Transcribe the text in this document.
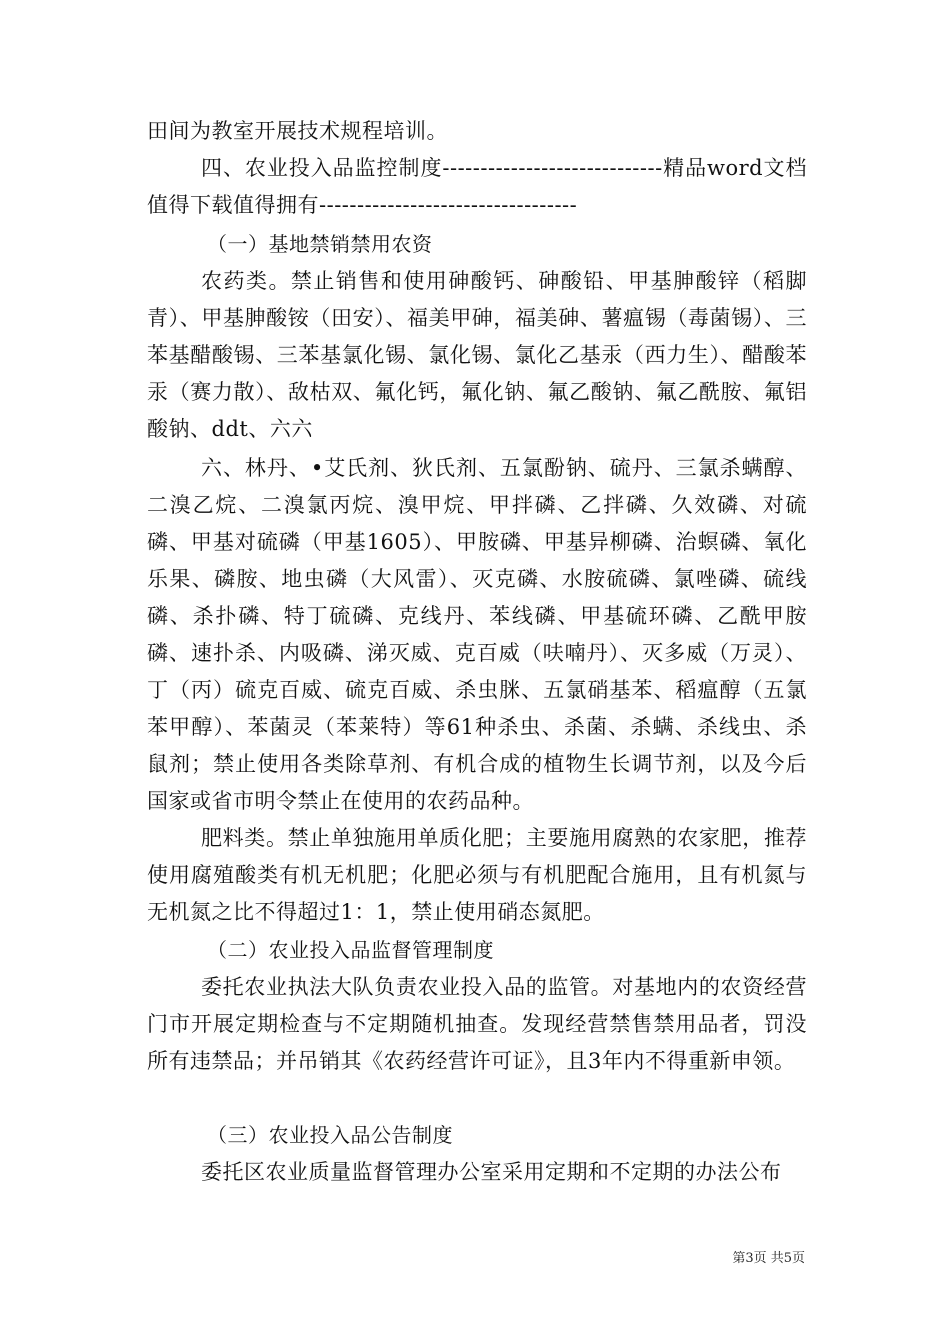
田间为教室开展技术规程培训。
四、农业投入品监控制度-----------------------------精品word文档值得下载值得拥有----------------------------------
（一）基地禁销禁用农资
农药类。禁止销售和使用砷酸钙、砷酸铅、甲基胂酸锌（稻脚青）、甲基胂酸铵（田安）、福美甲砷，福美砷、薯瘟锡（毒菌锡）、三苯基醋酸锡、三苯基氯化锡、氯化锡、氯化乙基汞（西力生）、醋酸苯汞（赛力散）、敌枯双、氟化钙，氟化钠、氟乙酸钠、氟乙酰胺、氟铝酸钠、ddt、六六
六、林丹、•艾氏剂、狄氏剂、五氯酚钠、硫丹、三氯杀螨醇、二溴乙烷、二溴氯丙烷、溴甲烷、甲拌磷、乙拌磷、久效磷、对硫磷、甲基对硫磷（甲基1605）、甲胺磷、甲基异柳磷、治螟磷、氧化乐果、磷胺、地虫磷（大风雷）、灭克磷、水胺硫磷、氯唑磷、硫线磷、杀扑磷、特丁硫磷、克线丹、苯线磷、甲基硫环磷、乙酰甲胺磷、速扑杀、内吸磷、涕灭威、克百威（呋喃丹）、灭多威（万灵）、丁（丙）硫克百威、硫克百威、杀虫脒、五氯硝基苯、稻瘟醇（五氯苯甲醇）、苯菌灵（苯莱特）等61种杀虫、杀菌、杀螨、杀线虫、杀鼠剂；禁止使用各类除草剂、有机合成的植物生长调节剂，以及今后国家或省市明令禁止在使用的农药品种。
肥料类。禁止单独施用单质化肥；主要施用腐熟的农家肥，推荐使用腐殖酸类有机无机肥；化肥必须与有机肥配合施用，且有机氮与无机氮之比不得超过1：1，禁止使用硝态氮肥。
（二）农业投入品监督管理制度
委托农业执法大队负责农业投入品的监管。对基地内的农资经营门市开展定期检查与不定期随机抽查。发现经营禁售禁用品者，罚没所有违禁品；并吊销其《农药经营许可证》，且3年内不得重新申领。
（三）农业投入品公告制度
委托区农业质量监督管理办公室采用定期和不定期的办法公布
第3页 共5页
